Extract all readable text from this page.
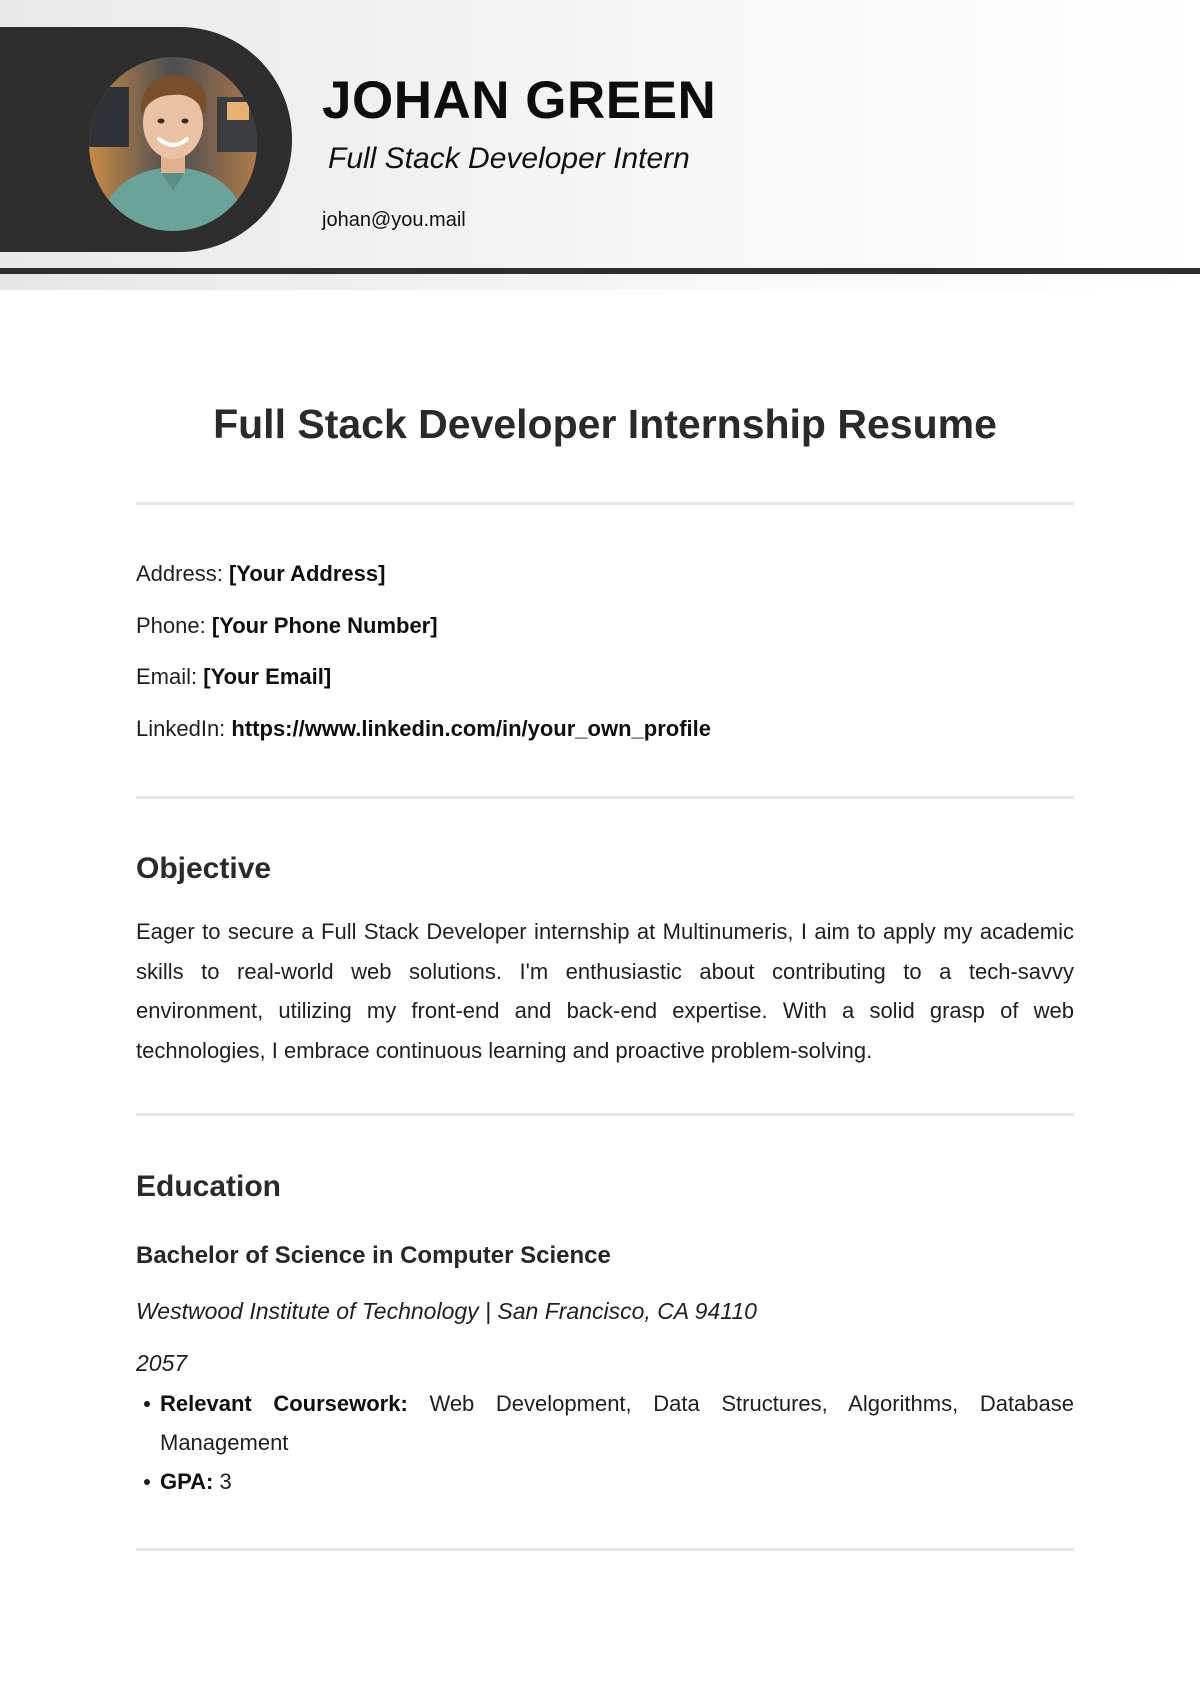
JOHAN GREEN
Full Stack Developer Intern
johan@you.mail
Full Stack Developer Internship Resume
Address: [Your Address]
Phone: [Your Phone Number]
Email: [Your Email]
LinkedIn: https://www.linkedin.com/in/your_own_profile
Objective
Eager to secure a Full Stack Developer internship at Multinumeris, I aim to apply my academic skills to real-world web solutions. I'm enthusiastic about contributing to a tech-savvy environment, utilizing my front-end and back-end expertise. With a solid grasp of web technologies, I embrace continuous learning and proactive problem-solving.
Education
Bachelor of Science in Computer Science
Westwood Institute of Technology | San Francisco, CA 94110
2057
Relevant Coursework: Web Development, Data Structures, Algorithms, Database Management
GPA: 3
